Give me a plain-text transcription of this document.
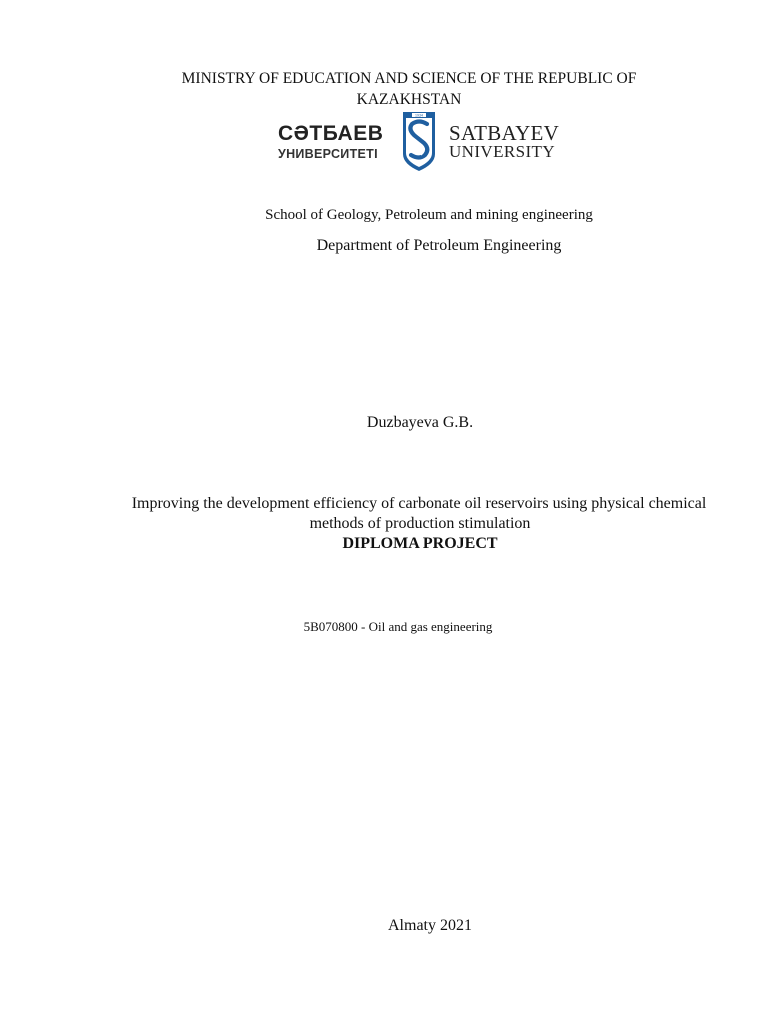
MINISTRY OF EDUCATION AND SCIENCE OF THE REPUBLIC OF
KAZAKHSTAN
СӘТБАЕВ
УНИВЕРСИТЕТІ
1934
SATBAYEV
UNIVERSITY
School of Geology, Petroleum and mining engineering
Department of Petroleum Engineering
Duzbayeva G.B.
Improving the development efficiency of carbonate oil reservoirs using physical chemical
methods of production stimulation
DIPLOMA PROJECT
5B070800 - Oil and gas engineering
Almaty 2021
